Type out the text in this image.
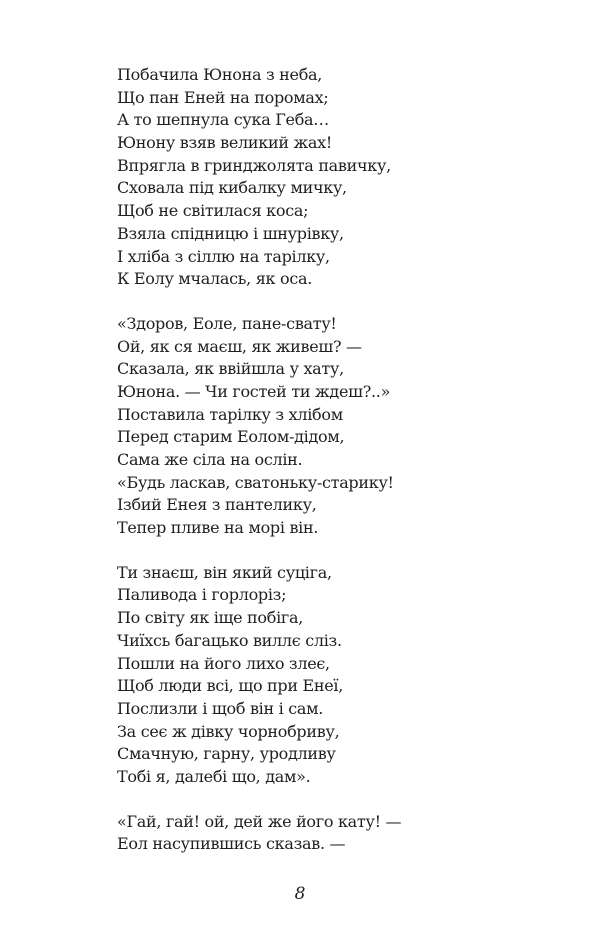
Побачила Юнона з неба,
Що пан Еней на поромах;
А то шепнула сука Геба…
Юнону взяв великий жах!
Впрягла в гринджолята павичку,
Сховала під кибалку мичку,
Щоб не світилася коса;
Взяла спідницю і шнурівку,
І хліба з сіллю на тарілку,
К Еолу мчалась, як оса.
«Здоров, Еоле, пане-свату!
Ой, як ся маєш, як живеш? —
Сказала, як ввійшла у хату,
Юнона. — Чи гостей ти ждеш?..»
Поставила тарілку з хлібом
Перед старим Еолом-дідом,
Сама же сіла на ослін.
«Будь ласкав, сватоньку-старику!
Ізбий Енея з пантелику,
Тепер пливе на морі він.
Ти знаєш, він який суціга,
Паливода і горлоріз;
По світу як іще побіга,
Чиїхсь багацько виллє сліз.
Пошли на його лихо злеє,
Щоб люди всі, що при Енеї,
Послизли і щоб він і сам.
За сеє ж дівку чорнобриву,
Смачную, гарну, уродливу
Тобі я, далебі що, дам».
«Гай, гай! ой, дей же його кату! —
Еол насупившись сказав. —
8
